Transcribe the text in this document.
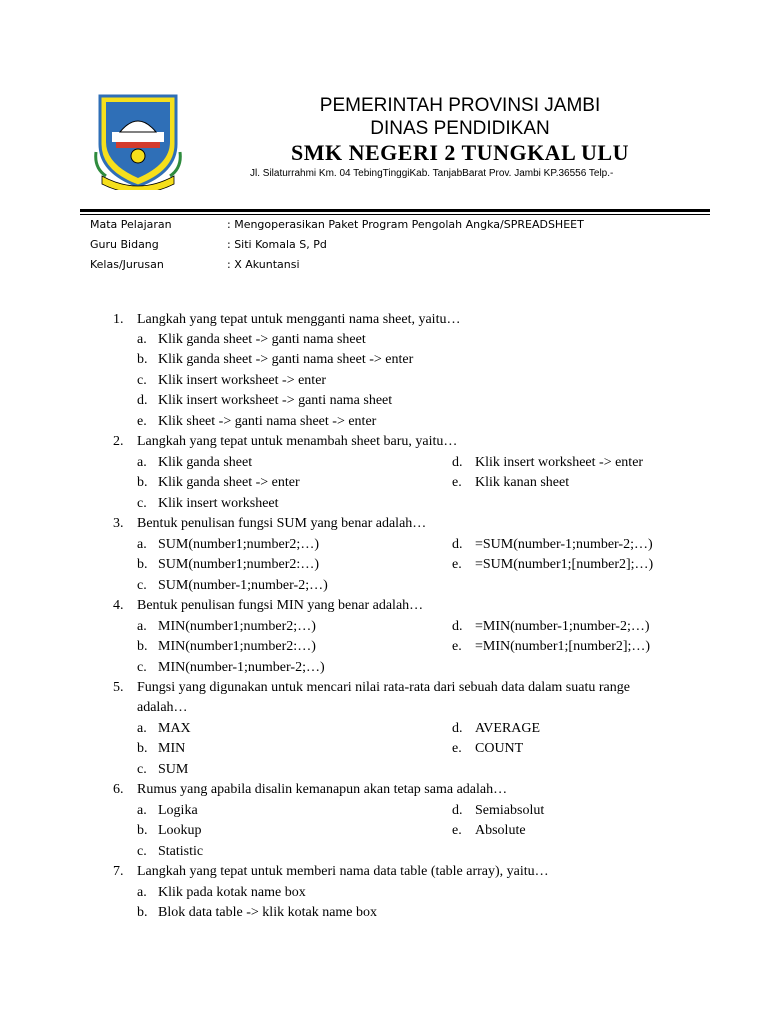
PEMERINTAH PROVINSI JAMBI
DINAS PENDIDIKAN
SMK NEGERI 2 TUNGKAL ULU
Jl. Silaturrahmi Km. 04 TebingTinggiKab. TanjabBarat Prov. Jambi KP.36556 Telp.-
Mata Pelajaran	: Mengoperasikan Paket Program Pengolah Angka/SPREADSHEET
Guru Bidang	: Siti Komala S, Pd
Kelas/Jurusan	: X Akuntansi
1. Langkah yang tepat untuk mengganti nama sheet, yaitu…
a. Klik ganda sheet -> ganti nama sheet
b. Klik ganda sheet -> ganti nama sheet -> enter
c. Klik insert worksheet -> enter
d. Klik insert worksheet -> ganti nama sheet
e. Klik sheet -> ganti nama sheet -> enter
2. Langkah yang tepat untuk menambah sheet baru, yaitu…
a. Klik ganda sheet
b. Klik ganda sheet -> enter
c. Klik insert worksheet
d. Klik insert worksheet -> enter
e. Klik kanan sheet
3. Bentuk penulisan fungsi SUM yang benar adalah…
a. SUM(number1;number2;…)
b. SUM(number1;number2:…)
c. SUM(number-1;number-2;…)
d. =SUM(number-1;number-2;…)
e. =SUM(number1;[number2];…)
4. Bentuk penulisan fungsi MIN yang benar adalah…
a. MIN(number1;number2;…)
b. MIN(number1;number2:…)
c. MIN(number-1;number-2;…)
d. =MIN(number-1;number-2;…)
e. =MIN(number1;[number2];…)
5. Fungsi yang digunakan untuk mencari nilai rata-rata dari sebuah data dalam suatu range
adalah…
a. MAX
b. MIN
c. SUM
d. AVERAGE
e. COUNT
6. Rumus yang apabila disalin kemanapun akan tetap sama adalah…
a. Logika
b. Lookup
c. Statistic
d. Semiabsolut
e. Absolute
7. Langkah yang tepat untuk memberi nama data table (table array), yaitu…
a. Klik pada kotak name box
b. Blok data table -> klik kotak name box
